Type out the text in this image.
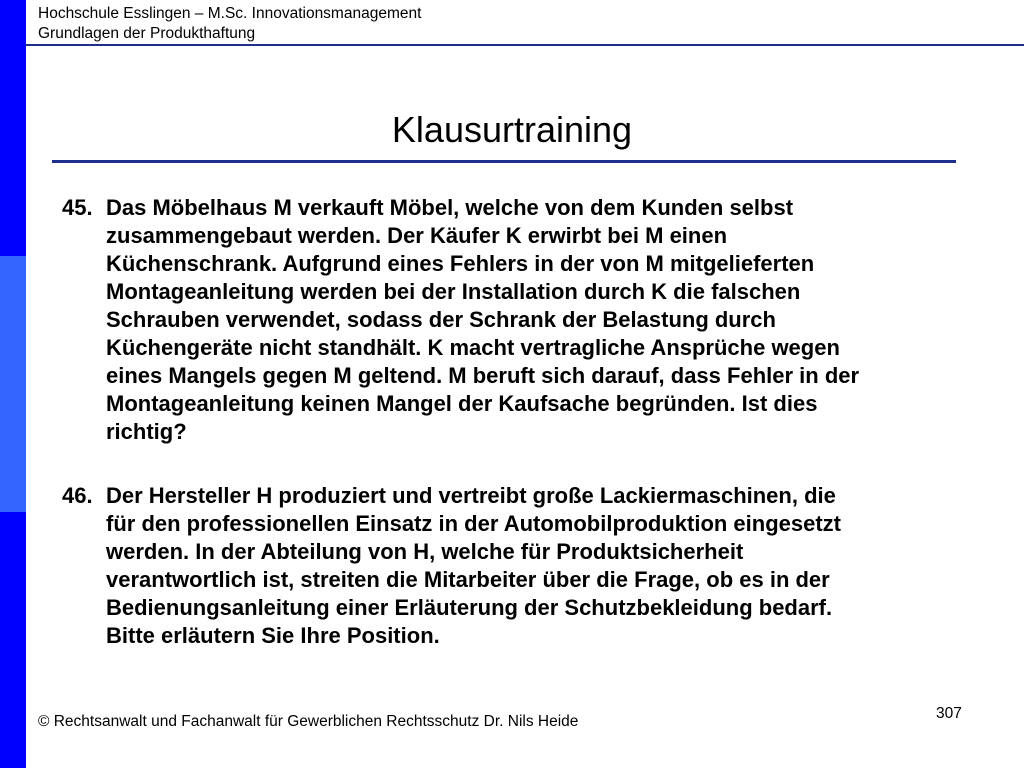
Hochschule Esslingen – M.Sc. Innovationsmanagement
Grundlagen der Produkthaftung
Klausurtraining
45. Das Möbelhaus M verkauft Möbel, welche von dem Kunden selbst
zusammengebaut werden. Der Käufer K erwirbt bei M einen
Küchenschrank. Aufgrund eines Fehlers in der von M mitgelieferten
Montageanleitung werden bei der Installation durch K die falschen
Schrauben verwendet, sodass der Schrank der Belastung durch
Küchengeräte nicht standhält. K macht vertragliche Ansprüche wegen
eines Mangels gegen M geltend. M beruft sich darauf, dass Fehler in der
Montageanleitung keinen Mangel der Kaufsache begründen. Ist dies
richtig?
46. Der Hersteller H produziert und vertreibt große Lackiermaschinen, die
für den professionellen Einsatz in der Automobilproduktion eingesetzt
werden. In der Abteilung von H, welche für Produktsicherheit
verantwortlich ist, streiten die Mitarbeiter über die Frage, ob es in der
Bedienungsanleitung einer Erläuterung der Schutzbekleidung bedarf.
Bitte erläutern Sie Ihre Position.
© Rechtsanwalt und Fachanwalt für Gewerblichen Rechtsschutz Dr. Nils Heide	307
